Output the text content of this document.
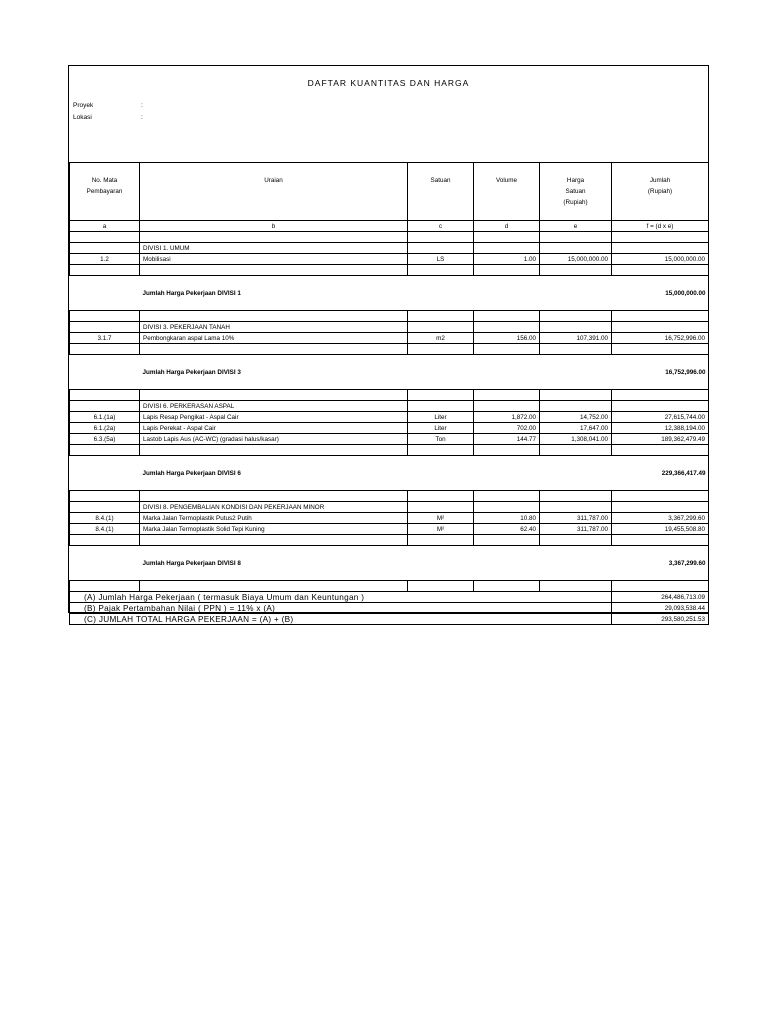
DAFTAR KUANTITAS DAN HARGA
Proyek	:
Lokasi	:
No. Mata
Pembayaran	Uraian	Satuan	Volume	Harga
Satuan
(Rupiah)	Jumlah
(Rupiah)
a	b	c	d	e	f = (d x e)

	DIVISI 1. UMUM				
1.2	Mobilisasi	LS	1.00	15,000,000.00	15,000,000.00

	Jumlah Harga Pekerjaan DIVISI 1				15,000,000.00

	DIVISI 3. PEKERJAAN TANAH				
3.1.7	Pembongkaran aspal Lama 10%	m2	156.00	107,391.00	16,752,996.00

	Jumlah Harga Pekerjaan DIVISI 3				16,752,996.00

	DIVISI 6. PERKERASAN ASPAL				
6.1.(1a)	Lapis Resap Pengikat - Aspal Cair	Liter	1,872.00	14,752.00	27,615,744.00
6.1.(2a)	Lapis Perekat - Aspal Cair	Liter	702.00	17,647.00	12,388,194.00
6.3.(5a)	Lastob Lapis Aus (AC-WC) (gradasi halus/kasar)	Ton	144.77	1,308,041.00	189,362,479.49

	Jumlah Harga Pekerjaan DIVISI 6				229,366,417.49

	DIVISI 8. PENGEMBALIAN KONDISI DAN PEKERJAAN MINOR				
8.4.(1)	Marka Jalan Termoplastik Putus2 Putih	M²	10.80	311,787.00	3,367,299.60
8.4.(1)	Marka Jalan Termoplastik Solid Tepi Kuning	M²	62.40	311,787.00	19,455,508.80

	Jumlah Harga Pekerjaan DIVISI 8				3,367,299.60

(A) Jumlah Harga Pekerjaan ( termasuk Biaya Umum dan Keuntungan )					264,486,713.09
(B) Pajak Pertambahan Nilai ( PPN ) = 11% x (A)					29,093,538.44
(C) JUMLAH TOTAL HARGA PEKERJAAN = (A) + (B)					293,580,251.53
